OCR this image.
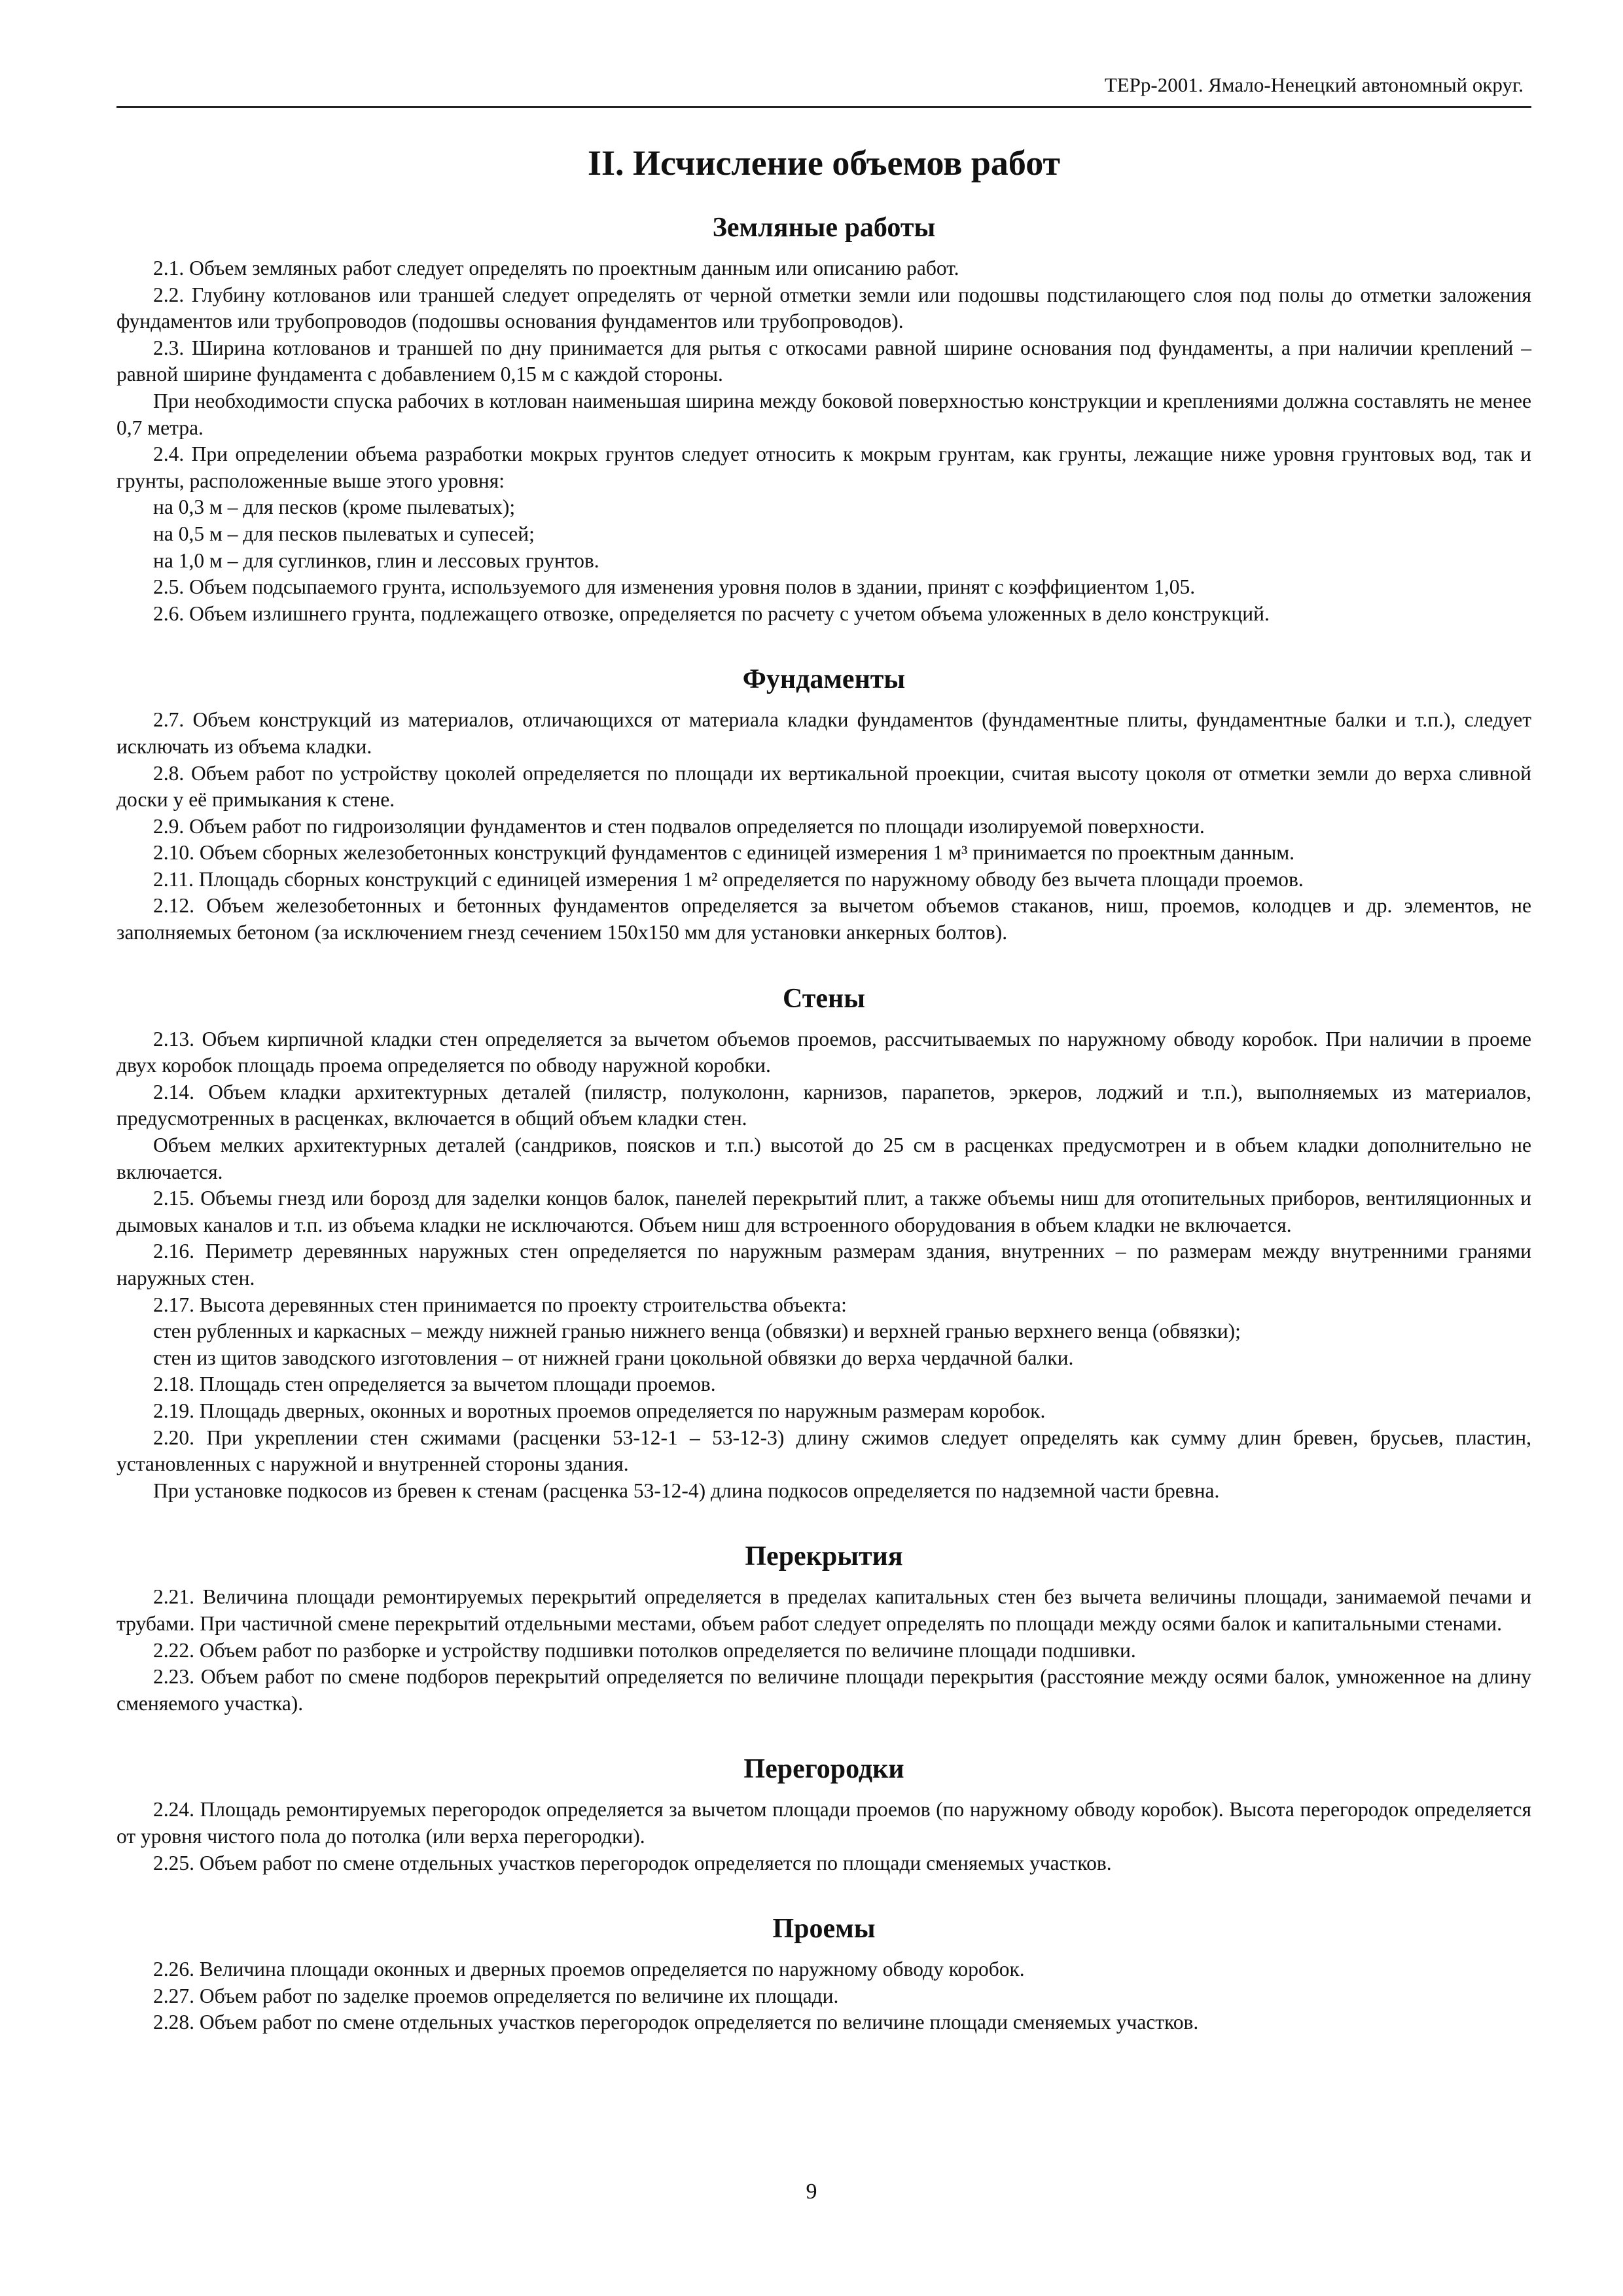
ТЕРр-2001. Ямало-Ненецкий автономный округ.
II. Исчисление объемов работ
Земляные работы

2.1. Объем земляных работ следует определять по проектным данным или описанию работ.

2.2. Глубину котлованов или траншей следует определять от черной отметки земли или подошвы подстилающего слоя под полы до отметки заложения фундаментов или трубопроводов (подошвы основания фундаментов или трубопроводов).

2.3. Ширина котлованов и траншей по дну принимается для рытья с откосами равной ширине основания под фундаменты, а при наличии креплений – равной ширине фундамента с добавлением 0,15 м с каждой стороны.

При необходимости спуска рабочих в котлован наименьшая ширина между боковой поверхностью конструкции и креплениями должна составлять не менее 0,7 метра.

2.4. При определении объема разработки мокрых грунтов следует относить к мокрым грунтам, как грунты, лежащие ниже уровня грунтовых вод, так и грунты, расположенные выше этого уровня:

на 0,3 м – для песков (кроме пылеватых);

на 0,5 м – для песков пылеватых и супесей;

на 1,0 м – для суглинков, глин и лессовых грунтов.

2.5. Объем подсыпаемого грунта, используемого для изменения уровня полов в здании, принят с коэффициентом 1,05.

2.6. Объем излишнего грунта, подлежащего отвозке, определяется по расчету с учетом объема уложенных в дело конструкций.

Фундаменты

2.7. Объем конструкций из материалов, отличающихся от материала кладки фундаментов (фундаментные плиты, фундаментные балки и т.п.), следует исключать из объема кладки.

2.8. Объем работ по устройству цоколей определяется по площади их вертикальной проекции, считая высоту цоколя от отметки земли до верха сливной доски у её примыкания к стене.

2.9. Объем работ по гидроизоляции фундаментов и стен подвалов определяется по площади изолируемой поверхности.

2.10. Объем сборных железобетонных конструкций фундаментов с единицей измерения 1 м³ принимается по проектным данным.

2.11. Площадь сборных конструкций с единицей измерения 1 м² определяется по наружному обводу без вычета площади проемов.

2.12. Объем железобетонных и бетонных фундаментов определяется за вычетом объемов стаканов, ниш, проемов, колодцев и др. элементов, не заполняемых бетоном (за исключением гнезд сечением 150х150 мм для установки анкерных болтов).

Стены

2.13. Объем кирпичной кладки стен определяется за вычетом объемов проемов, рассчитываемых по наружному обводу коробок. При наличии в проеме двух коробок площадь проема определяется по обводу наружной коробки.

2.14. Объем кладки архитектурных деталей (пилястр, полуколонн, карнизов, парапетов, эркеров, лоджий и т.п.), выполняемых из материалов, предусмотренных в расценках, включается в общий объем кладки стен.

Объем мелких архитектурных деталей (сандриков, поясков и т.п.) высотой до 25 см в расценках предусмотрен и в объем кладки дополнительно не включается.

2.15. Объемы гнезд или борозд для заделки концов балок, панелей перекрытий плит, а также объемы ниш для отопительных приборов, вентиляционных и дымовых каналов и т.п. из объема кладки не исключаются. Объем ниш для встроенного оборудования в объем кладки не включается.

2.16. Периметр деревянных наружных стен определяется по наружным размерам здания, внутренних – по размерам между внутренними гранями наружных стен.

2.17. Высота деревянных стен принимается по проекту строительства объекта:

стен рубленных и каркасных – между нижней гранью нижнего венца (обвязки) и верхней гранью верхнего венца (обвязки);

стен из щитов заводского изготовления – от нижней грани цокольной обвязки до верха чердачной балки.

2.18. Площадь стен определяется за вычетом площади проемов.

2.19. Площадь дверных, оконных и воротных проемов определяется по наружным размерам коробок.

2.20. При укреплении стен сжимами (расценки 53-12-1 – 53-12-3) длину сжимов следует определять как сумму длин бревен, брусьев, пластин, установленных с наружной и внутренней стороны здания.

При установке подкосов из бревен к стенам (расценка 53-12-4) длина подкосов определяется по надземной части бревна.

Перекрытия

2.21. Величина площади ремонтируемых перекрытий определяется в пределах капитальных стен без вычета величины площади, занимаемой печами и трубами. При частичной смене перекрытий отдельными местами, объем работ следует определять по площади между осями балок и капитальными стенами.

2.22. Объем работ по разборке и устройству подшивки потолков определяется по величине площади подшивки.

2.23. Объем работ по смене подборов перекрытий определяется по величине площади перекрытия (расстояние между осями балок, умноженное на длину сменяемого участка).

Перегородки

2.24. Площадь ремонтируемых перегородок определяется за вычетом площади проемов (по наружному обводу коробок). Высота перегородок определяется от уровня чистого пола до потолка (или верха перегородки).

2.25. Объем работ по смене отдельных участков перегородок определяется по площади сменяемых участков.

Проемы

2.26. Величина площади оконных и дверных проемов определяется по наружному обводу коробок.

2.27. Объем работ по заделке проемов определяется по величине их площади.

2.28. Объем работ по смене отдельных участков перегородок определяется по величине площади сменяемых участков.

9
